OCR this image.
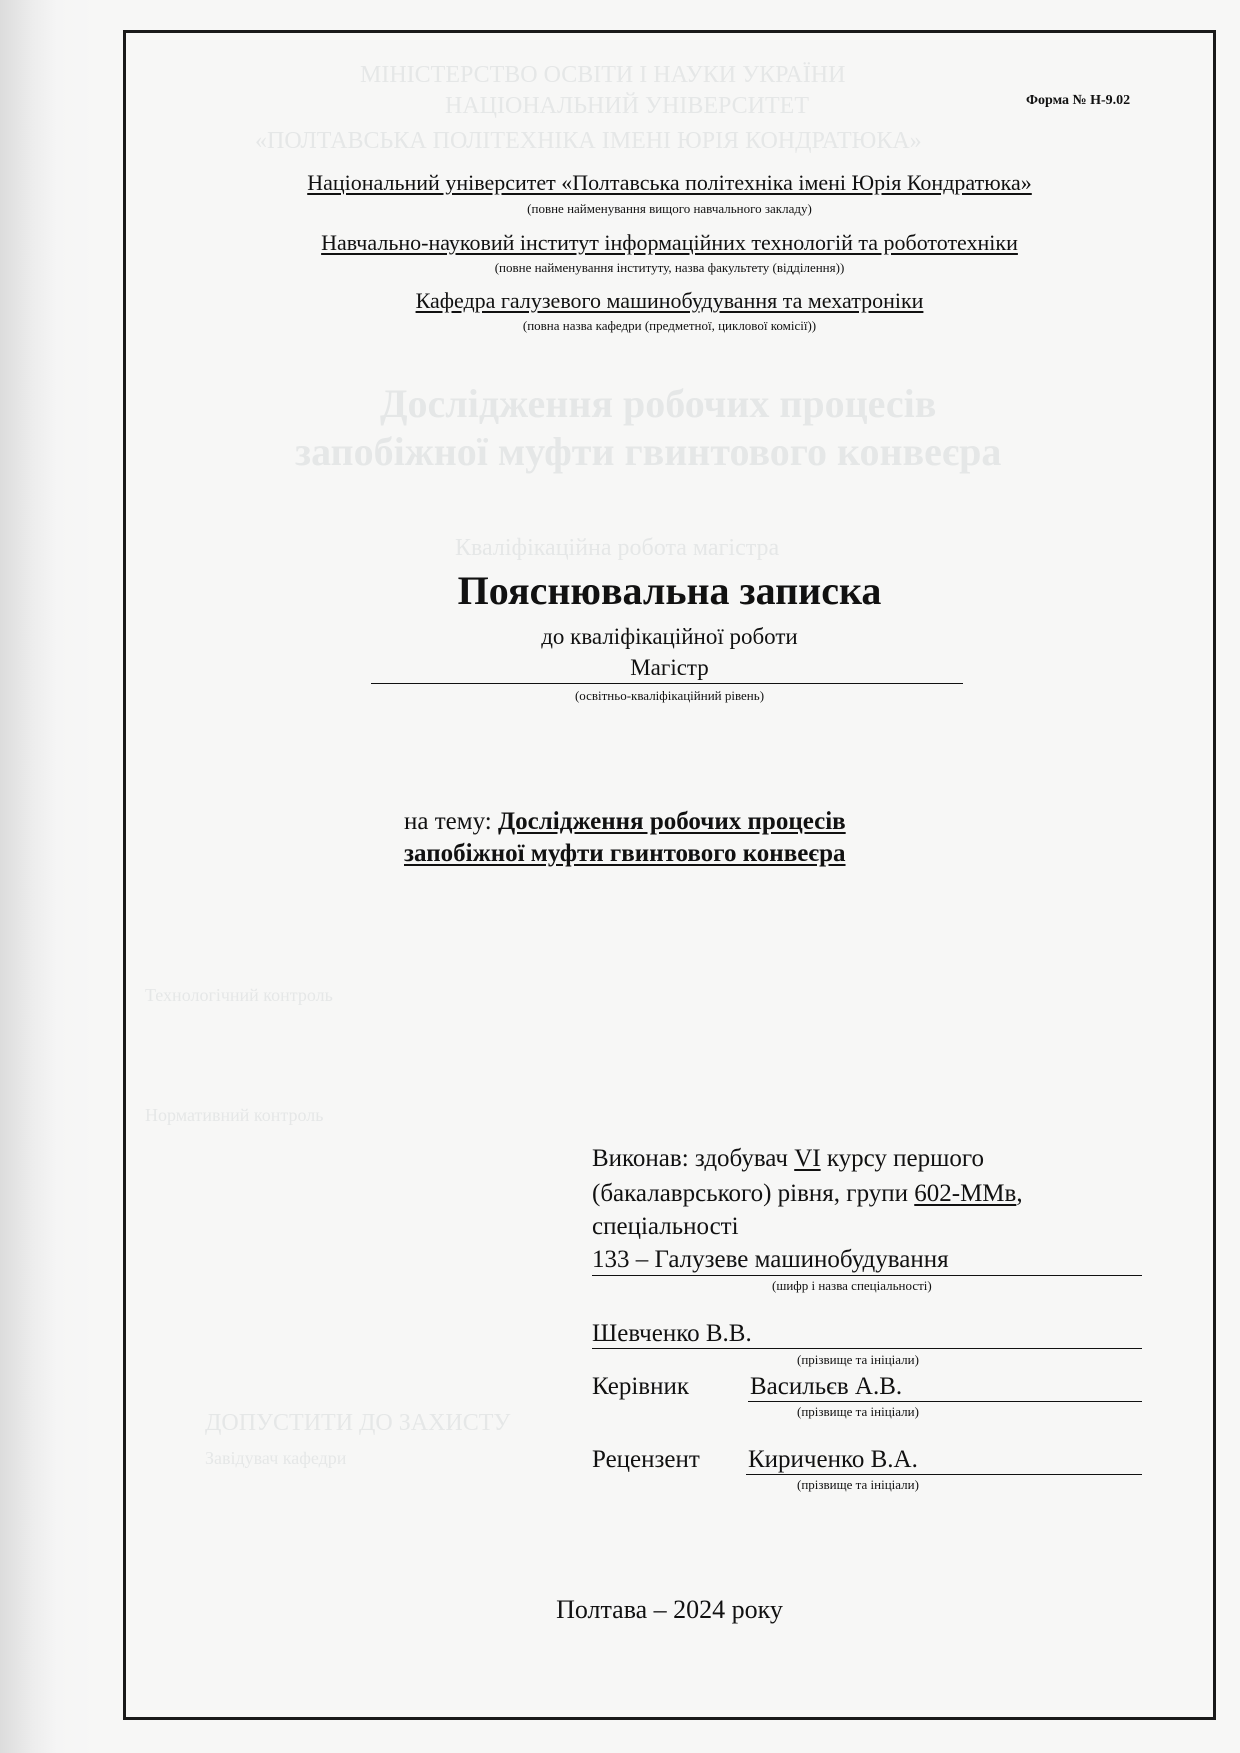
МІНІСТЕРСТВО ОСВІТИ І НАУКИ УКРАЇНИ
НАЦІОНАЛЬНИЙ УНІВЕРСИТЕТ
«ПОЛТАВСЬКА ПОЛІТЕХНІКА ІМЕНІ ЮРІЯ КОНДРАТЮКА»
Дослідження робочих процесів
запобіжної муфти гвинтового конвеєра
Кваліфікаційна робота магістра
Технологічний контроль
Нормативний контроль
ДОПУСТИТИ ДО ЗАХИСТУ
Завідувач кафедри
Форма № Н-9.02
Національний університет «Полтавська політехніка імені Юрія Кондратюка»
(повне найменування вищого навчального закладу)
Навчально-науковий інститут інформаційних технологій та робототехніки
(повне найменування інституту, назва факультету (відділення))
Кафедра галузевого машинобудування та мехатроніки
(повна назва кафедри (предметної, циклової комісії))
Пояснювальна записка
до кваліфікаційної роботи
Магістр
(освітньо-кваліфікаційний рівень)
на тему: Дослідження робочих процесів
запобіжної муфти гвинтового конвеєра
Виконав: здобувач VI курсу першого
(бакалаврського) рівня, групи 602-ММв,
спеціальності
133 – Галузеве машинобудування
(шифр і назва спеціальності)
Шевченко В.В.
(прізвище та ініціали)
Керівник Васильєв А.В.
(прізвище та ініціали)
Рецензент Кириченко В.А.
(прізвище та ініціали)
Полтава – 2024 року
